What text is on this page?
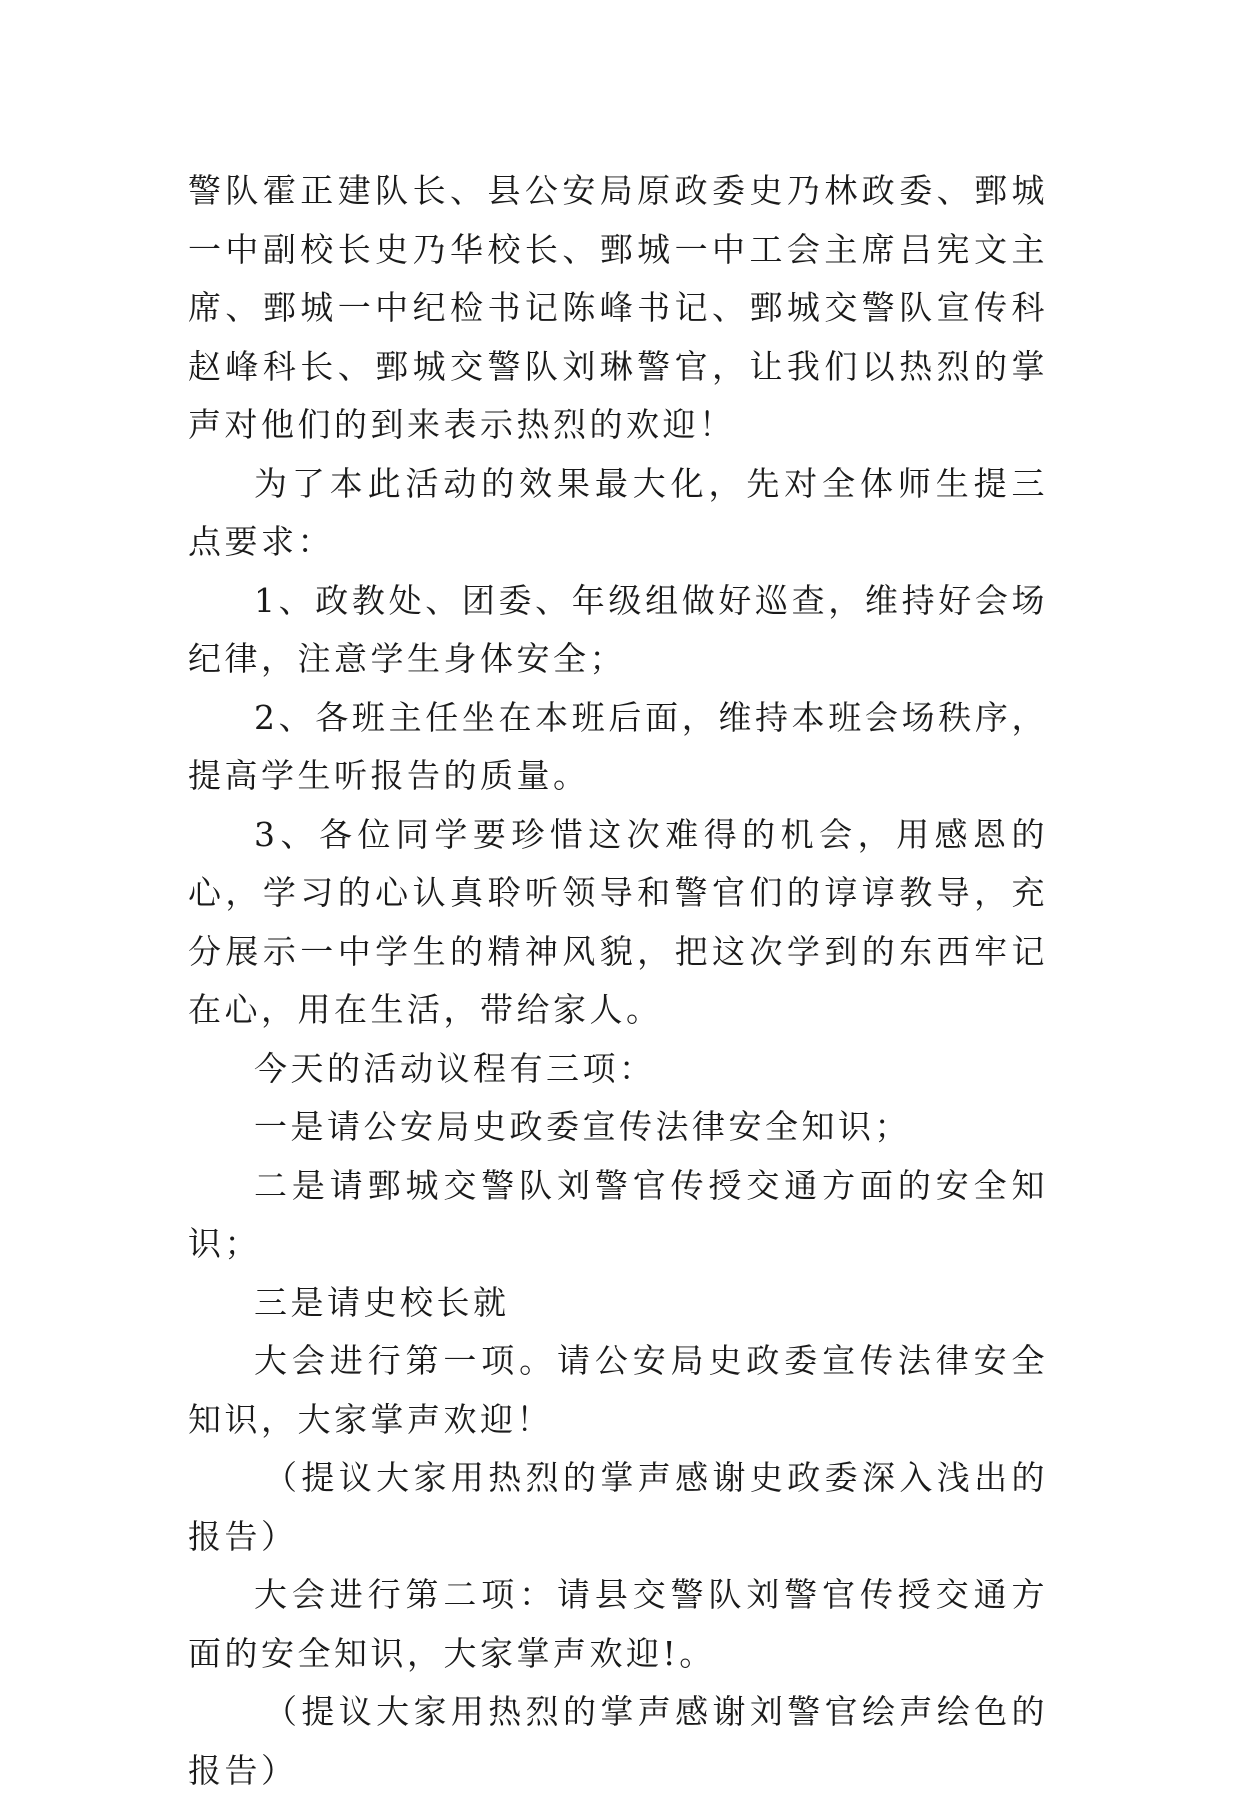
警队霍正建队长、县公安局原政委史乃林政委、鄄城一中副校长史乃华校长、鄄城一中工会主席吕宪文主席、鄄城一中纪检书记陈峰书记、鄄城交警队宣传科赵峰科长、鄄城交警队刘琳警官，让我们以热烈的掌声对他们的到来表示热烈的欢迎！

为了本此活动的效果最大化，先对全体师生提三点要求：

1、政教处、团委、年级组做好巡查，维持好会场纪律，注意学生身体安全；

2、各班主任坐在本班后面，维持本班会场秩序，提高学生听报告的质量。

3、各位同学要珍惜这次难得的机会，用感恩的心，学习的心认真聆听领导和警官们的谆谆教导，充分展示一中学生的精神风貌，把这次学到的东西牢记在心，用在生活，带给家人。

今天的活动议程有三项：

一是请公安局史政委宣传法律安全知识；

二是请鄄城交警队刘警官传授交通方面的安全知识；

三是请史校长就

大会进行第一项。请公安局史政委宣传法律安全知识，大家掌声欢迎！

（提议大家用热烈的掌声感谢史政委深入浅出的报告）

大会进行第二项：请县交警队刘警官传授交通方面的安全知识，大家掌声欢迎!。

（提议大家用热烈的掌声感谢刘警官绘声绘色的报告）
